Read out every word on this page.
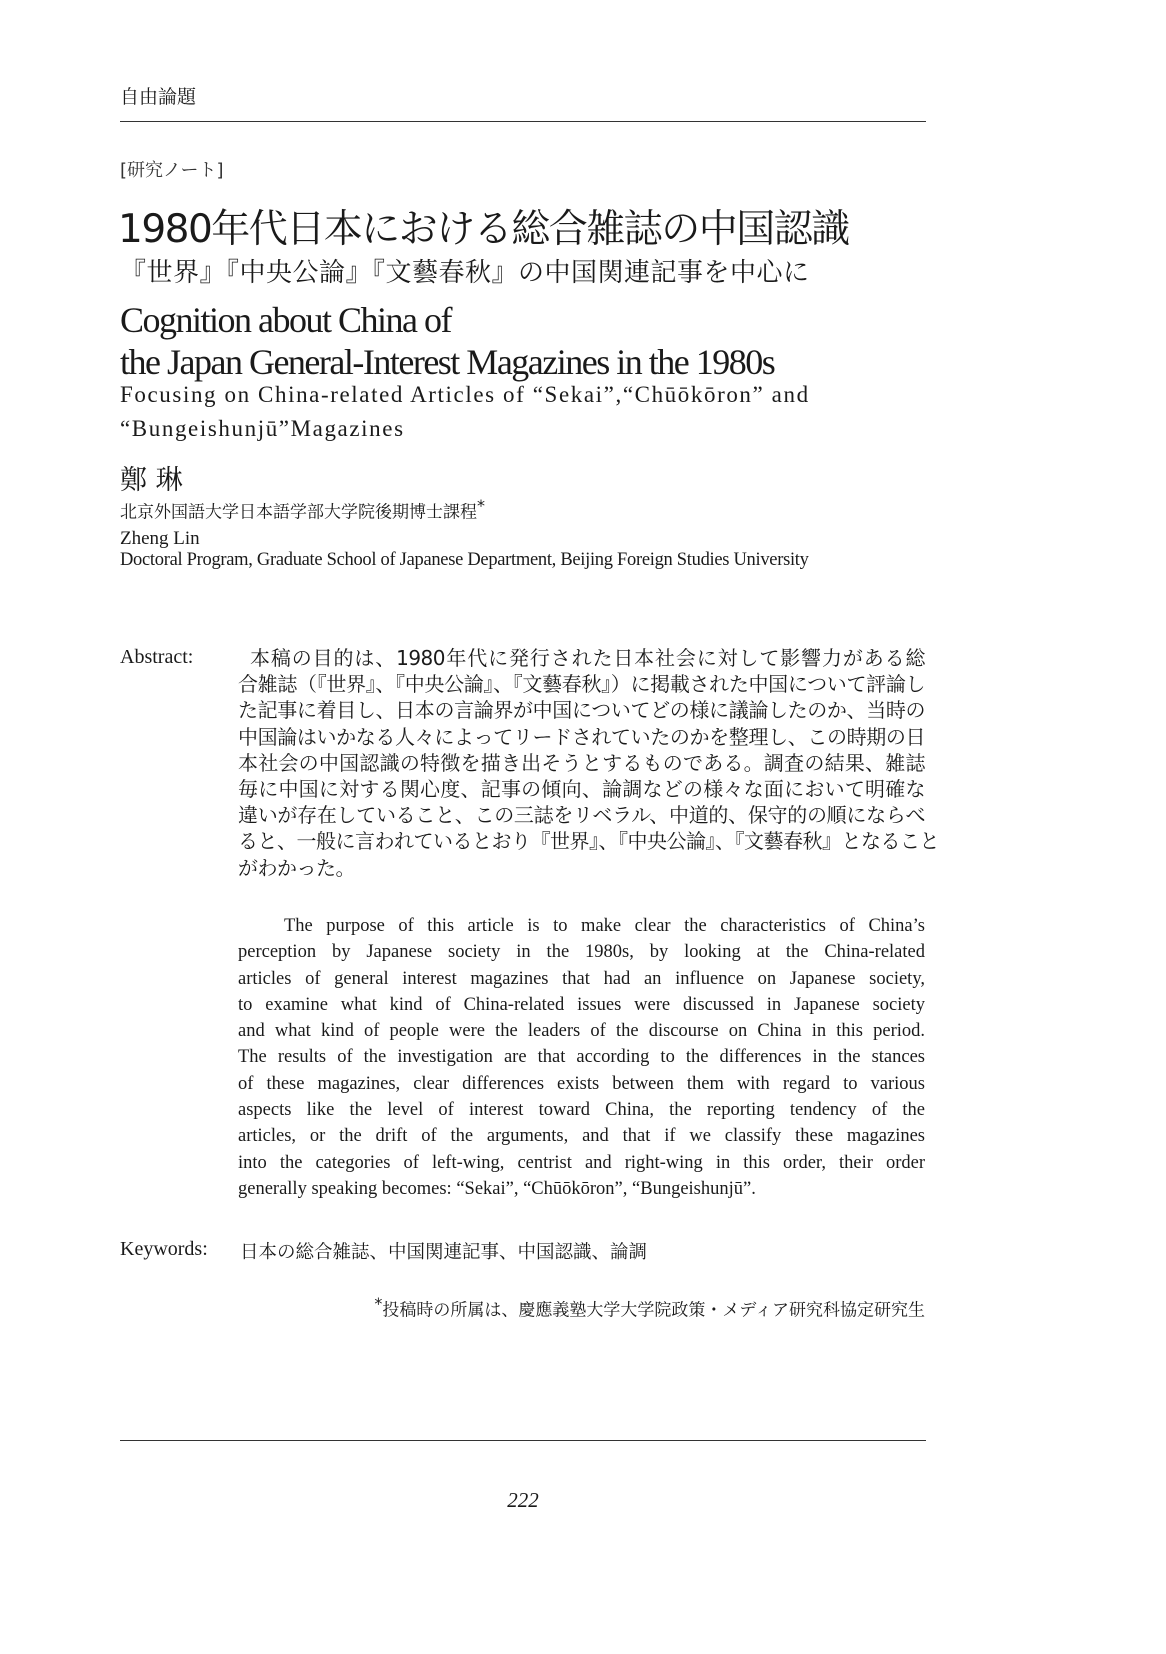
自由論題
[研究ノート]
1980年代日本における総合雑誌の中国認識
『世界』『中央公論』『文藝春秋』の中国関連記事を中心に
Cognition about China of
the Japan General-Interest Magazines in the 1980s
Focusing on China-related Articles of “Sekai”,“Chūōkōron” and
“Bungeishunjū”Magazines
鄭 琳
北京外国語大学日本語学部大学院後期博士課程*
Zheng Lin
Doctoral Program, Graduate School of Japanese Department, Beijing Foreign Studies University
Abstract:	本稿の目的は、1980年代に発行された日本社会に対して影響力がある総
合雑誌（『世界』、『中央公論』、『文藝春秋』）に掲載された中国について評論し
た記事に着目し、日本の言論界が中国についてどの様に議論したのか、当時の
中国論はいかなる人々によってリードされていたのかを整理し、この時期の日
本社会の中国認識の特徴を描き出そうとするものである。調査の結果、雑誌
毎に中国に対する関心度、記事の傾向、論調などの様々な面において明確な
違いが存在していること、この三誌をリベラル、中道的、保守的の順にならべ
ると、一般に言われているとおり『世界』、『中央公論』、『文藝春秋』となること
がわかった。
The purpose of this article is to make clear the characteristics of China’s
perception by Japanese society in the 1980s, by looking at the China-related
articles of general interest magazines that had an influence on Japanese society,
to examine what kind of China-related issues were discussed in Japanese society
and what kind of people were the leaders of the discourse on China in this period.
The results of the investigation are that according to the differences in the stances
of these magazines, clear differences exists between them with regard to various
aspects like the level of interest toward China, the reporting tendency of the
articles, or the drift of the arguments, and that if we classify these magazines
into the categories of left-wing, centrist and right-wing in this order, their order
generally speaking becomes: “Sekai”, “Chūōkōron”, “Bungeishunjū”.
Keywords: 日本の総合雑誌、中国関連記事、中国認識、論調
*投稿時の所属は、慶應義塾大学大学院政策・メディア研究科協定研究生
222
